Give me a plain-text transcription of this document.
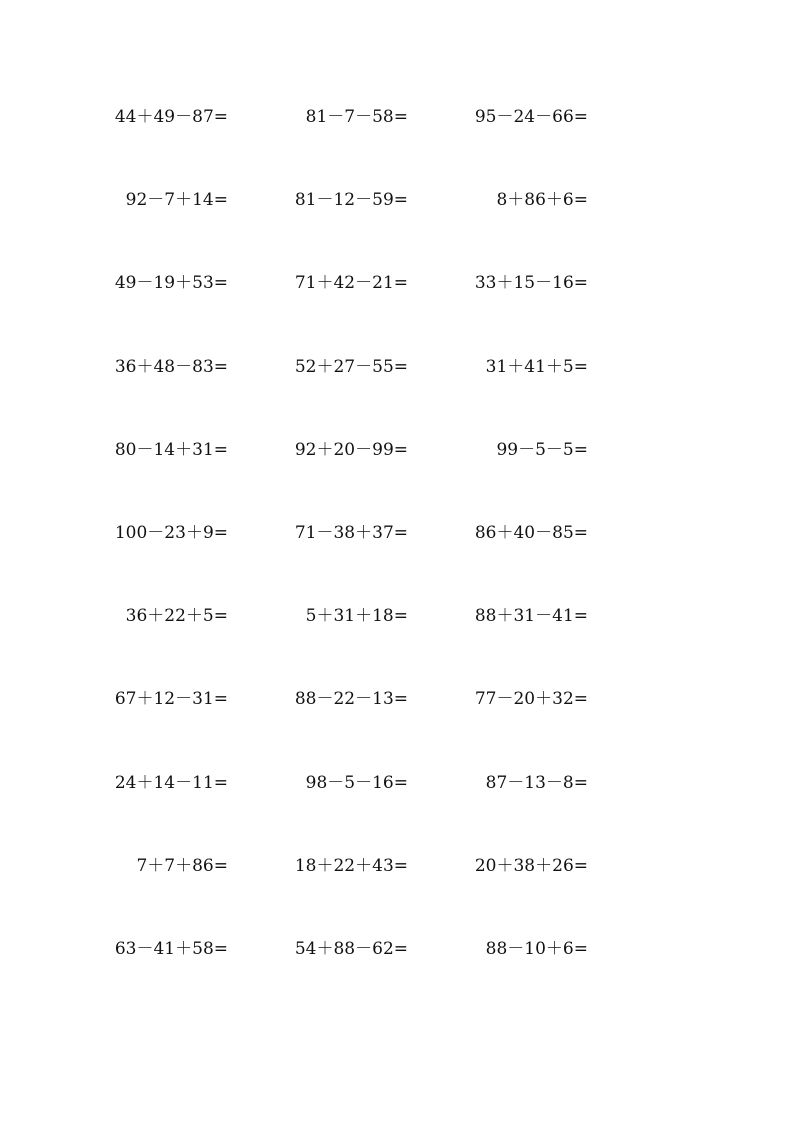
44＋49－87=	81－7－58=	95－24－66=
92－7＋14=	81－12－59=	8＋86＋6=
49－19＋53=	71＋42－21=	33＋15－16=
36＋48－83=	52＋27－55=	31＋41＋5=
80－14＋31=	92＋20－99=	99－5－5=
100－23＋9=	71－38＋37=	86＋40－85=
36＋22＋5=	5＋31＋18=	88＋31－41=
67＋12－31=	88－22－13=	77－20＋32=
24＋14－11=	98－5－16=	87－13－8=
7＋7＋86=	18＋22＋43=	20＋38＋26=
63－41＋58=	54＋88－62=	88－10＋6=
